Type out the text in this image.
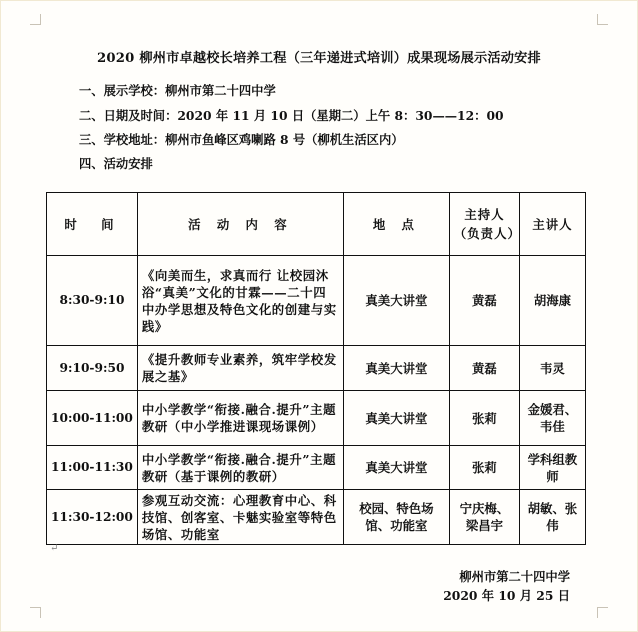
2020 柳州市卓越校长培养工程（三年递进式培训）成果现场展示活动安排
一、展示学校：柳州市第二十四中学
二、日期及时间：2020 年 11 月 10 日（星期二）上午 8：30——12：00
三、学校地址：柳州市鱼峰区鸡喇路 8 号（柳机生活区内）
四、活动安排
时　间	活 动 内 容	地 点	主持人（负责人）	主讲人
8:30-9:10	《向美而生，求真而行 让校园沐浴“真美”文化的甘霖——二十四中办学思想及特色文化的创建与实践》	真美大讲堂	黄磊	胡海康
9:10-9:50	《提升教师专业素养，筑牢学校发展之基》	真美大讲堂	黄磊	韦灵
10:00-11:00	中小学教学“衔接.融合.提升”主题教研（中小学推进课现场课例）	真美大讲堂	张莉	金媛君、韦佳
11:00-11:30	中小学教学“衔接.融合.提升”主题教研（基于课例的教研）	真美大讲堂	张莉	学科组教师
11:30-12:00	参观互动交流：心理教育中心、科技馆、创客室、卡魅实验室等特色场馆、功能室	校园、特色场馆、功能室	宁庆梅、梁昌宇	胡敏、张伟
↵
柳州市第二十四中学
2020 年 10 月 25 日
